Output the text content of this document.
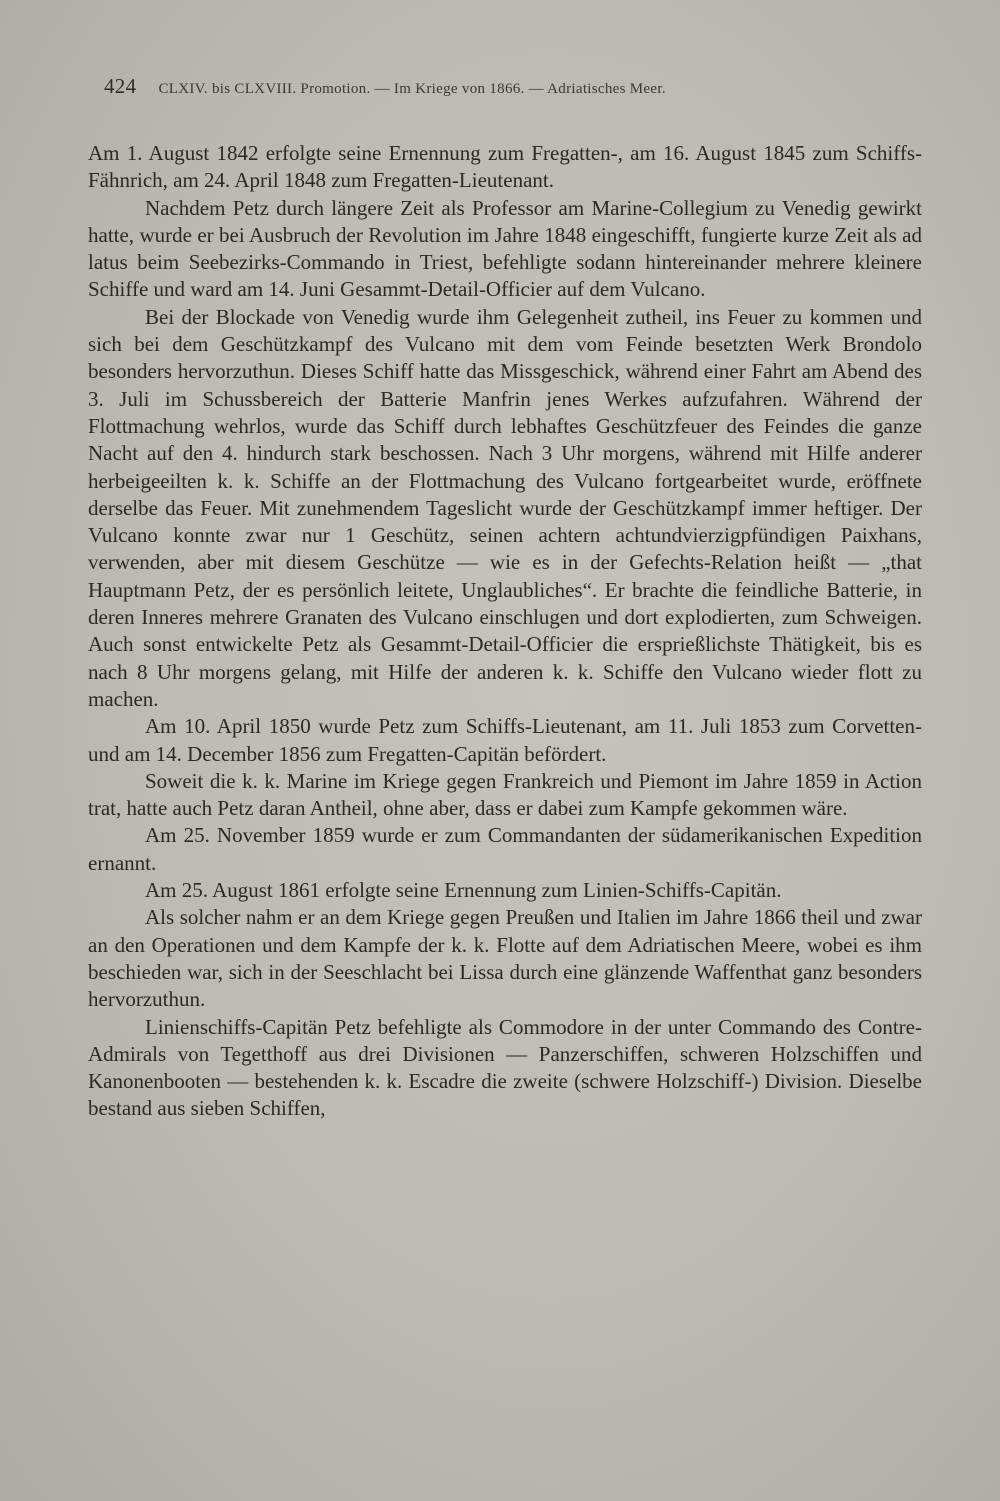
424 CLXIV. bis CLXVIII. Promotion. — Im Kriege von 1866. — Adriatisches Meer.

Am 1. August 1842 erfolgte seine Ernennung zum Fregatten-, am 16. August 1845 zum Schiffs-Fähnrich, am 24. April 1848 zum Fregatten-Lieutenant.

Nachdem Petz durch längere Zeit als Professor am Marine-Collegium zu Venedig gewirkt hatte, wurde er bei Ausbruch der Revolution im Jahre 1848 eingeschifft, fungierte kurze Zeit als ad latus beim Seebezirks-Commando in Triest, befehligte sodann hintereinander mehrere kleinere Schiffe und ward am 14. Juni Gesammt-Detail-Officier auf dem Vulcano.

Bei der Blockade von Venedig wurde ihm Gelegenheit zutheil, ins Feuer zu kommen und sich bei dem Geschützkampf des Vulcano mit dem vom Feinde besetzten Werk Brondolo besonders hervorzuthun. Dieses Schiff hatte das Missgeschick, während einer Fahrt am Abend des 3. Juli im Schussbereich der Batterie Manfrin jenes Werkes aufzufahren. Während der Flottmachung wehrlos, wurde das Schiff durch lebhaftes Geschützfeuer des Feindes die ganze Nacht auf den 4. hindurch stark beschossen. Nach 3 Uhr morgens, während mit Hilfe anderer herbeigeeilten k. k. Schiffe an der Flottmachung des Vulcano fortgearbeitet wurde, eröffnete derselbe das Feuer. Mit zunehmendem Tageslicht wurde der Geschützkampf immer heftiger. Der Vulcano konnte zwar nur 1 Geschütz, seinen achtern achtundvierzigpfündigen Paixhans, verwenden, aber mit diesem Geschütze — wie es in der Gefechts-Relation heißt — „that Hauptmann Petz, der es persönlich leitete, Unglaubliches“. Er brachte die feindliche Batterie, in deren Inneres mehrere Granaten des Vulcano einschlugen und dort explodierten, zum Schweigen. Auch sonst entwickelte Petz als Gesammt-Detail-Officier die ersprießlichste Thätigkeit, bis es nach 8 Uhr morgens gelang, mit Hilfe der anderen k. k. Schiffe den Vulcano wieder flott zu machen.

Am 10. April 1850 wurde Petz zum Schiffs-Lieutenant, am 11. Juli 1853 zum Corvetten- und am 14. December 1856 zum Fregatten-Capitän befördert.

Soweit die k. k. Marine im Kriege gegen Frankreich und Piemont im Jahre 1859 in Action trat, hatte auch Petz daran Antheil, ohne aber, dass er dabei zum Kampfe gekommen wäre.

Am 25. November 1859 wurde er zum Commandanten der südamerikanischen Expedition ernannt.

Am 25. August 1861 erfolgte seine Ernennung zum Linien-Schiffs-Capitän.

Als solcher nahm er an dem Kriege gegen Preußen und Italien im Jahre 1866 theil und zwar an den Operationen und dem Kampfe der k. k. Flotte auf dem Adriatischen Meere, wobei es ihm beschieden war, sich in der Seeschlacht bei Lissa durch eine glänzende Waffenthat ganz besonders hervorzuthun.

Linienschiffs-Capitän Petz befehligte als Commodore in der unter Commando des Contre-Admirals von Tegetthoff aus drei Divisionen — Panzerschiffen, schweren Holzschiffen und Kanonenbooten — bestehenden k. k. Escadre die zweite (schwere Holzschiff-) Division. Dieselbe bestand aus sieben Schiffen,
